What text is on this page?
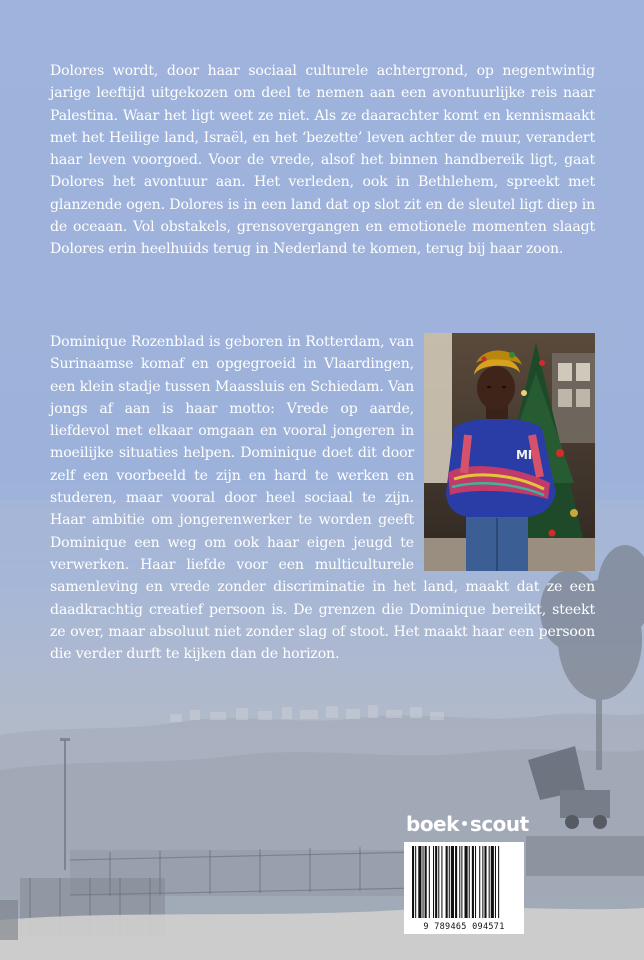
Dolores wordt, door haar sociaal culturele achtergrond, op negentwintig jarige leeftijd uitgekozen om deel te nemen aan een avontuurlijke reis naar Palestina. Waar het ligt weet ze niet. Als ze daarachter komt en kennismaakt met het Heilige land, Israël, en het ‘bezette’ leven achter de muur, verandert haar leven voorgoed. Voor de vrede, alsof het binnen handbereik ligt, gaat Dolores het avontuur aan. Het verleden, ook in Bethlehem, spreekt met glanzende ogen. Dolores is in een land dat op slot zit en de sleutel ligt diep in de oceaan. Vol obstakels, grensovergangen en emotionele momenten slaagt Dolores erin heelhuids terug in Nederland te komen, terug bij haar zoon.

MI
Dominique Rozenblad is geboren in Rotterdam, van Surinaamse komaf en opgegroeid in Vlaardingen, een klein stadje tussen Maassluis en Schiedam. Van jongs af aan is haar motto: Vrede op aarde, liefdevol met elkaar omgaan en vooral jongeren in moeilijke situaties helpen. Dominique doet dit door zelf een voorbeeld te zijn en hard te werken en studeren, maar vooral door heel sociaal te zijn. Haar ambitie om jongerenwerker te worden geeft Dominique een weg om ook haar eigen jeugd te verwerken. Haar liefde voor een multiculturele samenleving en vrede zonder discriminatie in het land, maakt dat ze een daadkrachtig creatief persoon is. De grenzen die Dominique bereikt, steekt ze over, maar absoluut niet zonder slag of stoot. Het maakt haar een persoon die verder durft te kijken dan de horizon.

boek scout

9 789465 094571
